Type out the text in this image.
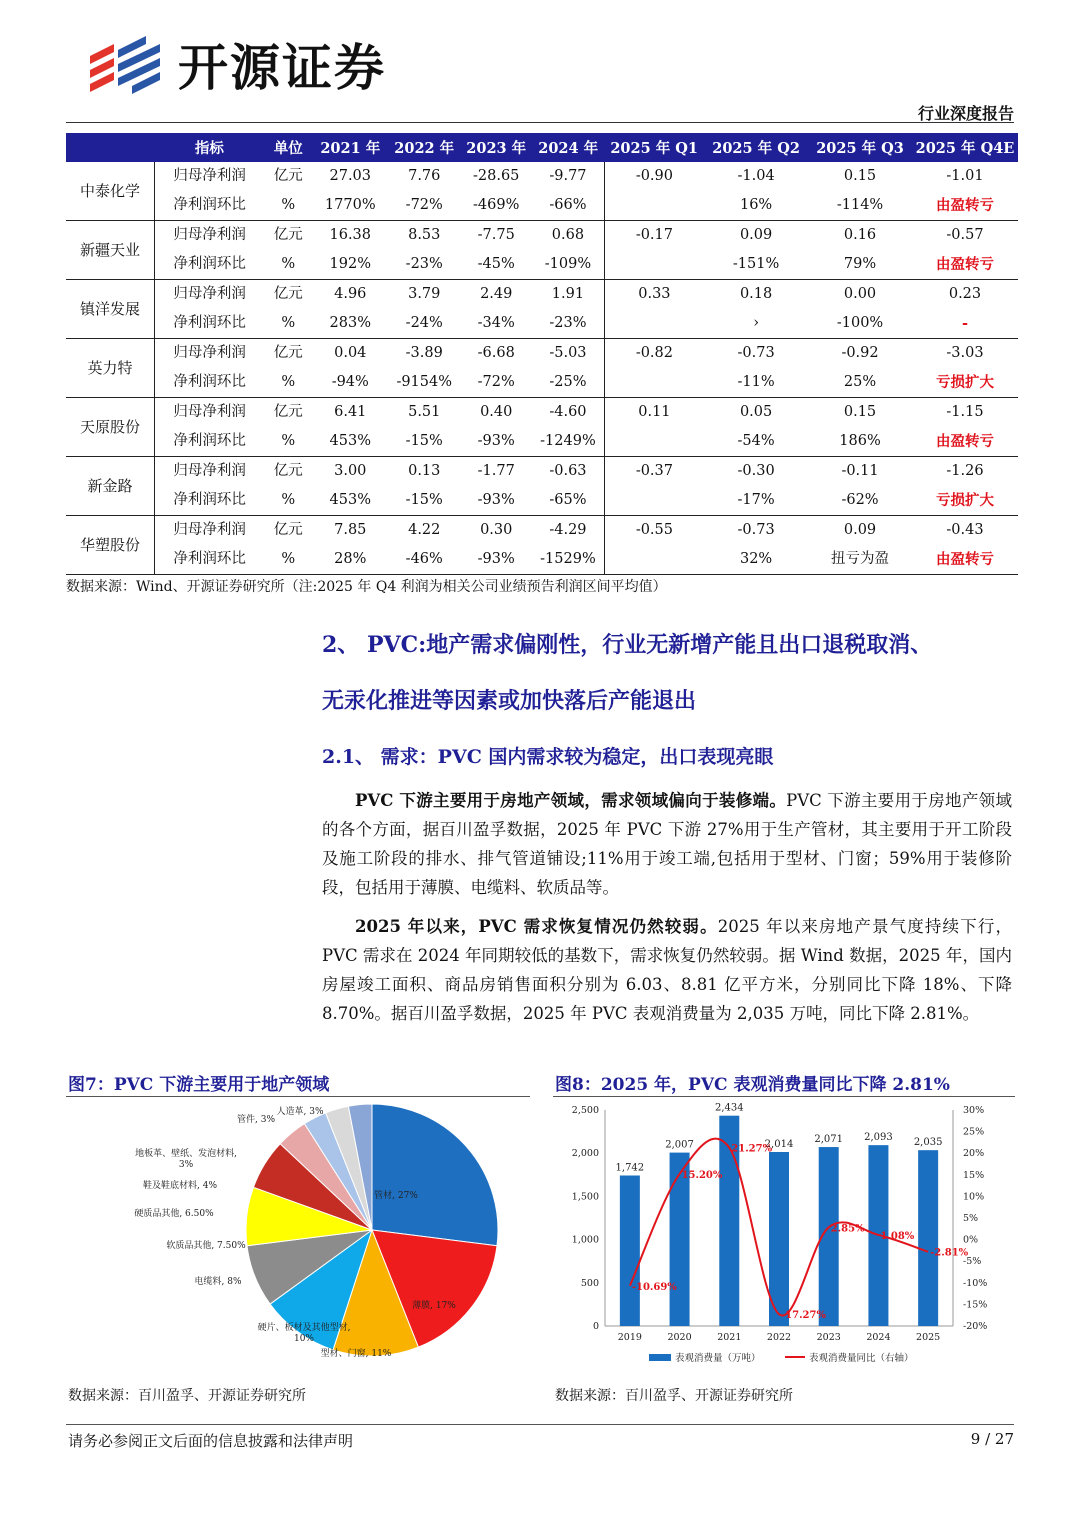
开源证券
行业深度报告
	指标	单位	2021 年	2022 年	2023 年	2024 年	2025 年 Q1	2025 年 Q2	2025 年 Q3	2025 年 Q4E
中泰化学	归母净利润	亿元	27.03	7.76	-28.65	-9.77	-0.90	-1.04	0.15	-1.01
	净利润环比	%	1770%	-72%	-469%	-66%		16%	-114%	由盈转亏
新疆天业	归母净利润	亿元	16.38	8.53	-7.75	0.68	-0.17	0.09	0.16	-0.57
	净利润环比	%	192%	-23%	-45%	-109%		-151%	79%	由盈转亏
镇洋发展	归母净利润	亿元	4.96	3.79	2.49	1.91	0.33	0.18	0.00	0.23
	净利润环比	%	283%	-24%	-34%	-23%		›	-100%	-
英力特	归母净利润	亿元	0.04	-3.89	-6.68	-5.03	-0.82	-0.73	-0.92	-3.03
	净利润环比	%	-94%	-9154%	-72%	-25%		-11%	25%	亏损扩大
天原股份	归母净利润	亿元	6.41	5.51	0.40	-4.60	0.11	0.05	0.15	-1.15
	净利润环比	%	453%	-15%	-93%	-1249%		-54%	186%	由盈转亏
新金路	归母净利润	亿元	3.00	0.13	-1.77	-0.63	-0.37	-0.30	-0.11	-1.26
	净利润环比	%	453%	-15%	-93%	-65%		-17%	-62%	亏损扩大
华塑股份	归母净利润	亿元	7.85	4.22	0.30	-4.29	-0.55	-0.73	0.09	-0.43
	净利润环比	%	28%	-46%	-93%	-1529%		32%	扭亏为盈	由盈转亏
数据来源：Wind、开源证券研究所（注:2025 年 Q4 利润为相关公司业绩预告利润区间平均值）
2、 PVC:地产需求偏刚性，行业无新增产能且出口退税取消、
无汞化推进等因素或加快落后产能退出
2.1、 需求：PVC 国内需求较为稳定，出口表现亮眼
PVC 下游主要用于房地产领域，需求领域偏向于装修端。PVC 下游主要用于房地产领域的各个方面，据百川盈孚数据，2025 年 PVC 下游 27%用于生产管材，其主要用于开工阶段及施工阶段的排水、排气管道铺设;11%用于竣工端,包括用于型材、门窗；59%用于装修阶段，包括用于薄膜、电缆料、软质品等。
2025 年以来，PVC 需求恢复情况仍然较弱。2025 年以来房地产景气度持续下行，PVC 需求在 2024 年同期较低的基数下，需求恢复仍然较弱。据 Wind 数据，2025 年，国内房屋竣工面积、商品房销售面积分别为 6.03、8.81 亿平方米，分别同比下降 18%、下降 8.70%。据百川盈孚数据，2025 年 PVC 表观消费量为 2,035 万吨，同比下降 2.81%。
图7：PVC 下游主要用于地产领域
管材, 27%
薄膜, 17%
型材、门窗, 11%
硬片、板材及其他型材, 10%
电缆料, 8%
软质品其他, 7.50%
硬质品其他, 6.50%
鞋及鞋底材料, 4%
地板革、壁纸、发泡材料, 3%
管件, 3%
人造革, 3%
数据来源：百川盈孚、开源证券研究所
图8：2025 年，PVC 表观消费量同比下降 2.81%
0
500
1,000
1,500
2,000
2,500
-20%
-15%
-10%
-5%
0%
5%
10%
15%
20%
25%
30%
1,742
2019
2,007
2020
2,434
2021
2,014
2022
2,071
2023
2,093
2024
2,035
2025
-10.69%
15.20%
21.27%
-17.27%
2.85%
1.08%
-2.81%
表观消费量（万吨）	表观消费量同比（右轴）
数据来源：百川盈孚、开源证券研究所
请务必参阅正文后面的信息披露和法律声明	9 / 27
